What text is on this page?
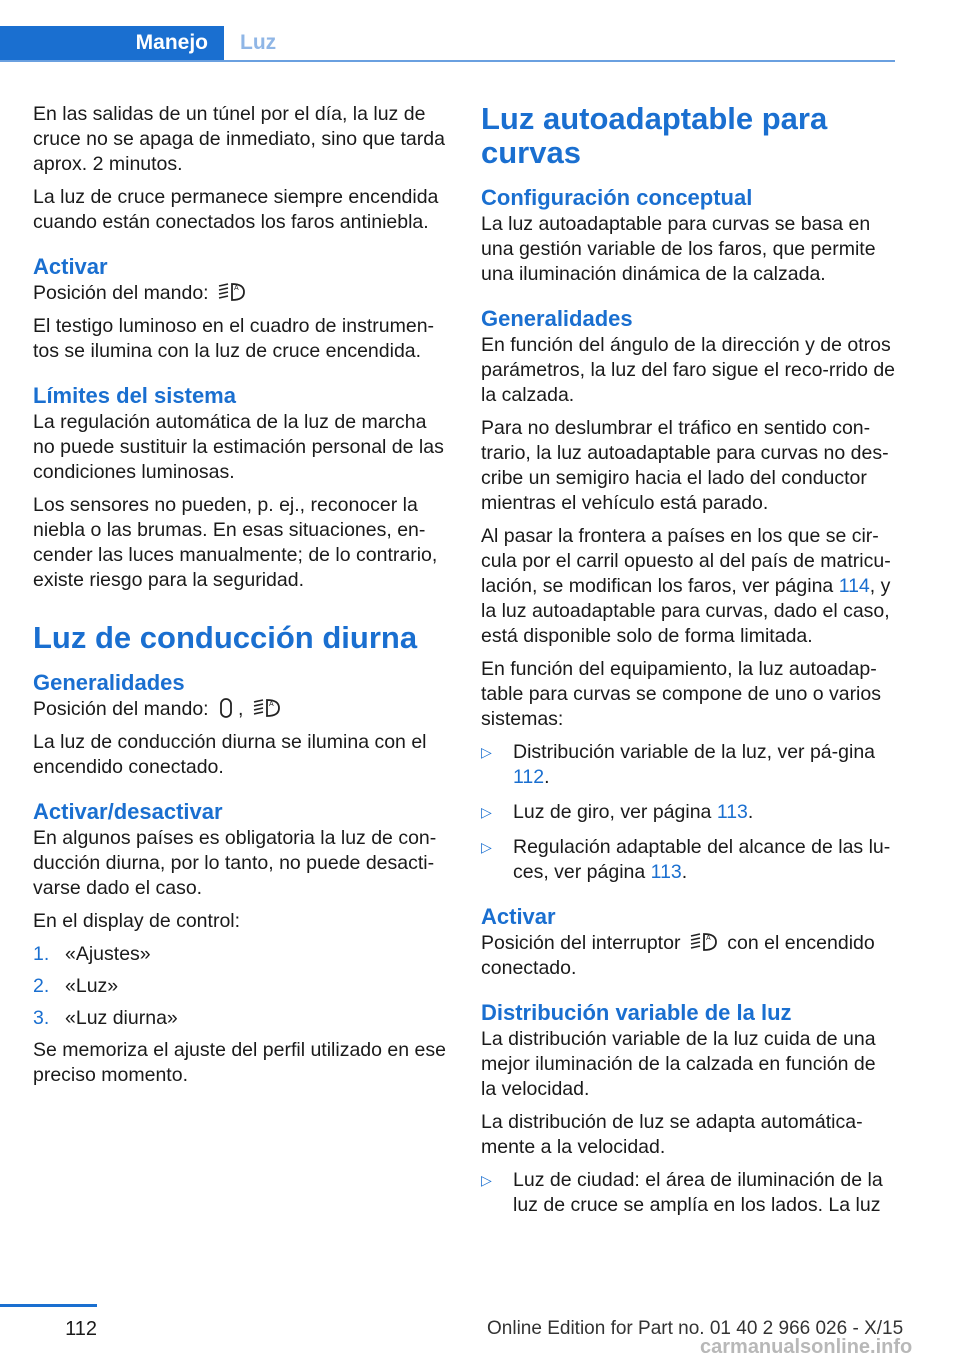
Manejo	Luz

En las salidas de un túnel por el día, la luz de cruce no se apaga de inmediato, sino que tarda aprox. 2 minutos.

La luz de cruce permanece siempre encendida cuando están conectados los faros antiniebla.

Activar

Posición del mando:	A

El testigo luminoso en el cuadro de instrumen‐tos se ilumina con la luz de cruce encendida.

Límites del sistema

La regulación automática de la luz de marcha no puede sustituir la estimación personal de las condiciones luminosas.

Los sensores no pueden, p. ej., reconocer la niebla o las brumas. En esas situaciones, en‐cender las luces manualmente; de lo contrario, existe riesgo para la seguridad.

Luz de conducción diurna
Generalidades

Posición del mando: ,	A

La luz de conducción diurna se ilumina con el encendido conectado.

Activar/desactivar

En algunos países es obligatoria la luz de con‐ducción diurna, por lo tanto, no puede desacti‐varse dado el caso.

En el display de control:

1. «Ajustes»
2. «Luz»
3. «Luz diurna»

Se memoriza el ajuste del perfil utilizado en ese preciso momento.

Luz autoadaptable para curvas
Configuración conceptual

La luz autoadaptable para curvas se basa en una gestión variable de los faros, que permite una iluminación dinámica de la calzada.

Generalidades

En función del ángulo de la dirección y de otros parámetros, la luz del faro sigue el reco‐rrido de la calzada.

Para no deslumbrar el tráfico en sentido con‐trario, la luz autoadaptable para curvas no des‐cribe un semigiro hacia el lado del conductor mientras el vehículo está parado.

Al pasar la frontera a países en los que se cir‐cula por el carril opuesto al del país de matricu‐lación, se modifican los faros, ver página 114, y la luz autoadaptable para curvas, dado el caso, está disponible solo de forma limitada.

En función del equipamiento, la luz autoadap‐table para curvas se compone de uno o varios sistemas:

▷	Distribución variable de la luz, ver pá‐gina 112.
▷	Luz de giro, ver página 113.
▷	Regulación adaptable del alcance de las lu‐ces, ver página 113.
Activar

Posición del interruptor	A con el encendido conectado.

Distribución variable de la luz

La distribución variable de la luz cuida de una mejor iluminación de la calzada en función de la velocidad.

La distribución de luz se adapta automática‐mente a la velocidad.

▷	Luz de ciudad: el área de iluminación de la luz de cruce se amplía en los lados. La luz
112	Online Edition for Part no. 01 40 2 966 026 - X/15
carmanualsonline.info
